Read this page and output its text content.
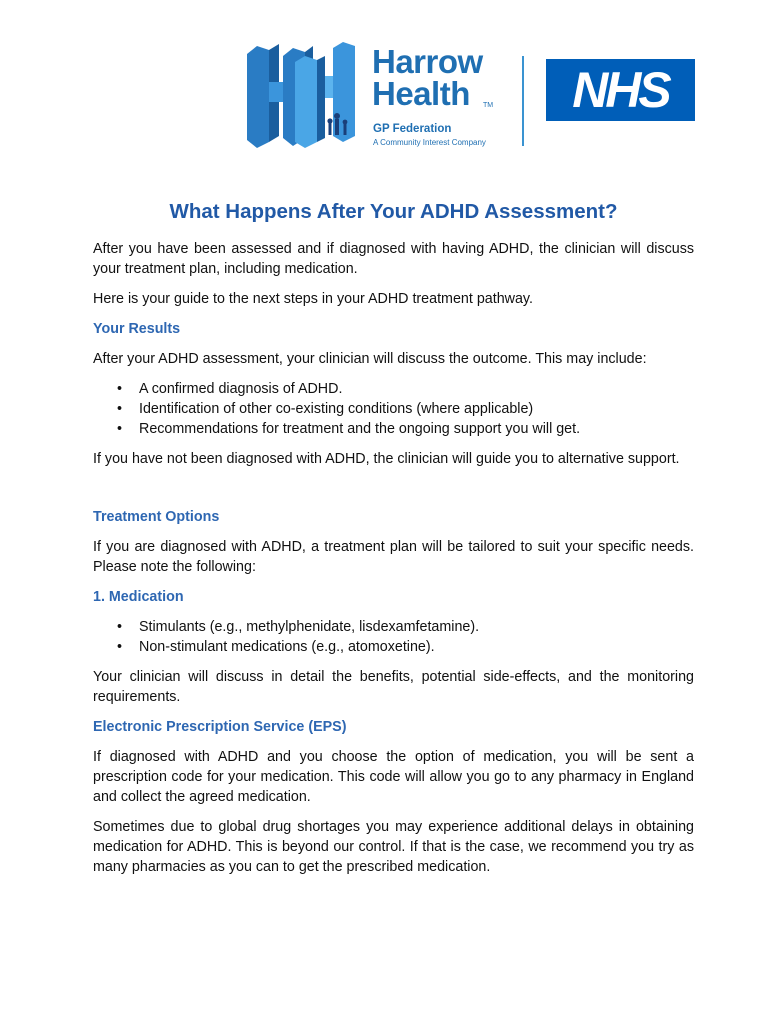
Harrow
Health	TM
GP Federation
A Community Interest Company
NHS
What Happens After Your ADHD Assessment?

After you have been assessed and if diagnosed with having ADHD, the clinician will discuss your treatment plan, including medication.

Here is your guide to the next steps in your ADHD treatment pathway.

Your Results

After your ADHD assessment, your clinician will discuss the outcome. This may include:

• A confirmed diagnosis of ADHD.
• Identification of other co-existing conditions (where applicable)
• Recommendations for treatment and the ongoing support you will get.

If you have not been diagnosed with ADHD, the clinician will guide you to alternative support.

Treatment Options

If you are diagnosed with ADHD, a treatment plan will be tailored to suit your specific needs. Please note the following:

1. Medication
• Stimulants (e.g., methylphenidate, lisdexamfetamine).
• Non-stimulant medications (e.g., atomoxetine).

Your clinician will discuss in detail the benefits, potential side-effects, and the monitoring requirements.

Electronic Prescription Service (EPS)

If diagnosed with ADHD and you choose the option of medication, you will be sent a prescription code for your medication. This code will allow you go to any pharmacy in England and collect the agreed medication.

Sometimes due to global drug shortages you may experience additional delays in obtaining medication for ADHD. This is beyond our control. If that is the case, we recommend you try as many pharmacies as you can to get the prescribed medication.
